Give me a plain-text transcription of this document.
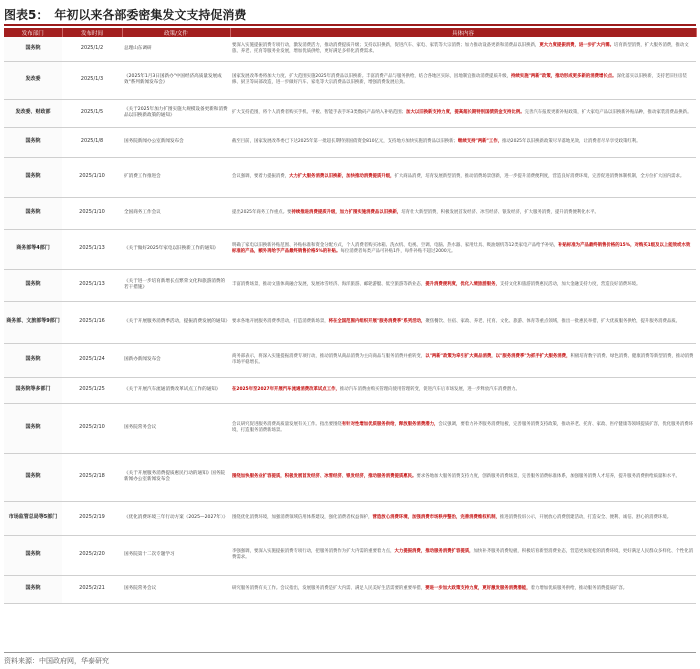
图表5： 年初以来各部委密集发文支持促消费
发布部门	发布时间	政策/文件	具体内容
国务院	2025/1/2	总理山东调研	要深入实施提振消费专项行动，激发消费活力，推动消费提质升级；支持以旧换新，促进汽车、家电、家装等大宗消费；加力推动设备更新和消费品以旧换新，更大力度提振消费，进一步扩大内需。培育新型消费，扩大服务消费，推动文旅、养老、托育等服务业发展，增加优质供给，更好满足多样化消费需求。

发改委	2025/1/3	《2025年1月3日国新办"中国经济高质量发展成效"系列新闻发布会》	国家发展改革委将加大力度、扩大范围实施2025年消费品以旧换新。丰富消费产品与服务供给，结合各地区实际，因地制宜推动消费提质升级，持续实施"两新"政策，推动形成更多新的消费增长点。深化落实以旧换新，支持老旧住房装修、厨卫等局部改造，进一步做好汽车、家电等大宗消费品以旧换新，增强消费发展后劲。

发改委、财政部	2025/1/5	《关于2025年加力扩围实施大规模设备更新和消费品以旧换新政策的通知》	扩大支持范围，将个人消费者购买手机、平板、智能手表手环3类数码产品纳入补贴范围；加大以旧换新支持力度，提高超长期特别国债资金支持比例。完善汽车报废更新补贴政策，扩大家电产品以旧换新补贴品种，推动家装消费品换新。

国务院	2025/1/8	国务院新闻办公室新闻发布会	截至目前，国家发展改革委已下达2025年第一批超长期特别国债资金810亿元，支持地方加快实施消费品以旧换新；继续支持"两新"工作，推动2025年以旧换新政策尽早落地见效，让消费者尽早享受政策红利。

国务院	2025/1/10	扩消费工作推进会	会议强调，要着力提振消费，大力扩大服务消费以旧换新，加快推动消费提质升级，扩大商品消费，培育发展新型消费，推动消费场景创新，进一步提升消费便利度，营造良好消费环境，完善促进消费体制机制，全方位扩大国内需求。

国务院	2025/1/10	全国商务工作会议	提出2025年商务工作重点。要持续推进消费提质升级，加力扩围实施消费品以旧换新，培育壮大新型消费，积极发展首发经济、冰雪经济、银发经济，扩大服务消费，提升消费便利化水平。

商务部等4部门	2025/1/13	《关于做好2025年家电以旧换新工作的通知》	明确了家电以旧换新补贴范围、补贴标准和资金分配方式，个人消费者购买冰箱、洗衣机、电视、空调、电脑、热水器、家用灶具、吸油烟机等12类家电产品给予补贴，补贴标准为产品最终销售价格的15%，对购买1级及以上能效或水效标准的产品，额外再给予产品最终销售价格5%的补贴。每位消费者每类产品可补贴1件，每件补贴不超过2000元。

国务院	2025/1/13	《关于进一步培育新增长点繁荣文化和旅游消费的若干措施》	丰富消费场景，推动文旅体商融合发展，发展冰雪经济、海洋旅游、邮轮游艇、低空旅游等新业态，提升消费便利度，优化入境旅游服务，支持文化和旅游消费惠民活动，加大金融支持力度，营造良好消费环境。

商务部、文旅部等9部门	2025/1/16	《关于开展服务消费季活动，提振消费发展的通知》	要求各地开展服务消费季活动，打造消费新场景，将在全国范围内组织开展"服务消费季"系列活动，聚焦餐饮、住宿、家政、养老、托育、文化、旅游、体育等重点领域，推出一批惠民举措，扩大优质服务供给，提升服务消费品质。

国务院	2025/1/24	国新办新闻发布会	商务部表示，将深入实施提振消费专项行动，推动消费从商品消费为主向商品与服务消费并重转变，以"两新"政策为牵引扩大商品消费，以"服务消费季"为抓手扩大服务消费，积极培育数字消费、绿色消费、健康消费等新型消费，推动消费市场平稳增长。

国务院等多部门	2025/1/25	《关于开展汽车流通消费改革试点工作的通知》	在2025年至2027年开展汽车流通消费改革试点工作，推动汽车消费由购买管理向使用管理转变，促进汽车后市场发展，进一步释放汽车消费潜力。

国务院	2025/2/10	国务院常务会议	会议研究促进服务消费高质量发展有关工作。指出要围绕有针对性增加优质服务供给，释放服务消费潜力，会议强调，要着力补齐服务消费短板，完善服务消费支持政策，推动养老、托育、家政、医疗健康等领域提质扩容，优化服务消费环境，打造服务消费新场景。

国务院	2025/2/18	《关于开展服务消费提质惠民行动的通知》国务院新闻办公室新闻发布会	围绕加快服务业扩容提质，积极发展首发经济、冰雪经济、银发经济，推动服务消费提质惠民。要求各地加大服务消费支持力度，创新服务消费场景，完善服务消费标准体系，加强服务消费人才培养，提升服务消费供给质量和水平。

市场监管总局等5部门	2025/2/19	《优化消费环境三年行动方案（2025—2027年）》	围绕优化消费环境，加强消费领域信用体系建设，强化消费者权益保护，营造放心消费环境，加强消费市场秩序整治，完善消费维权机制，推进消费投诉公示，开展放心消费创建活动，打造安全、便利、诚信、舒心的消费环境。

国务院	2025/2/20	国务院第十二次专题学习	李强强调，要深入实施提振消费专项行动，把服务消费作为扩大内需的重要着力点，大力提振消费，推动服务消费扩容提质，加快补齐服务消费短板，积极培育新型消费业态，营造更加宽松的消费环境，更好满足人民群众多样化、个性化消费需求。

国务院	2025/2/21	国务院常务会议	研究服务消费有关工作。会议指出，发展服务消费是扩大内需、满足人民美好生活需要的重要举措，要进一步加大政策支持力度，更好激发服务消费潜能，着力增加优质服务供给，推动服务消费提质扩容。
资料来源：中国政府网，华泰研究
